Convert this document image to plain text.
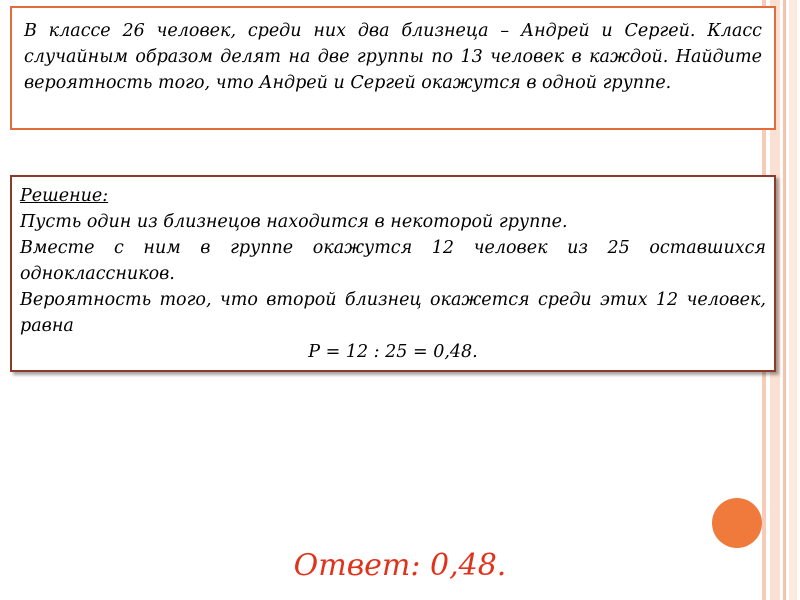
В классе 26 человек, среди них два близнеца – Андрей и Сергей. Класс случайным образом делят на две группы по 13 человек в каждой. Найдите вероятность того, что Андрей и Сергей окажутся в одной группе.

Решение:

Пусть один из близнецов находится в некоторой группе.

Вместе с ним в группе окажутся 12 человек из 25 оставшихся одноклассников.

Вероятность того, что второй близнец окажется среди этих 12 человек, равна

P = 12 : 25 = 0,48.

Ответ: 0,48.
